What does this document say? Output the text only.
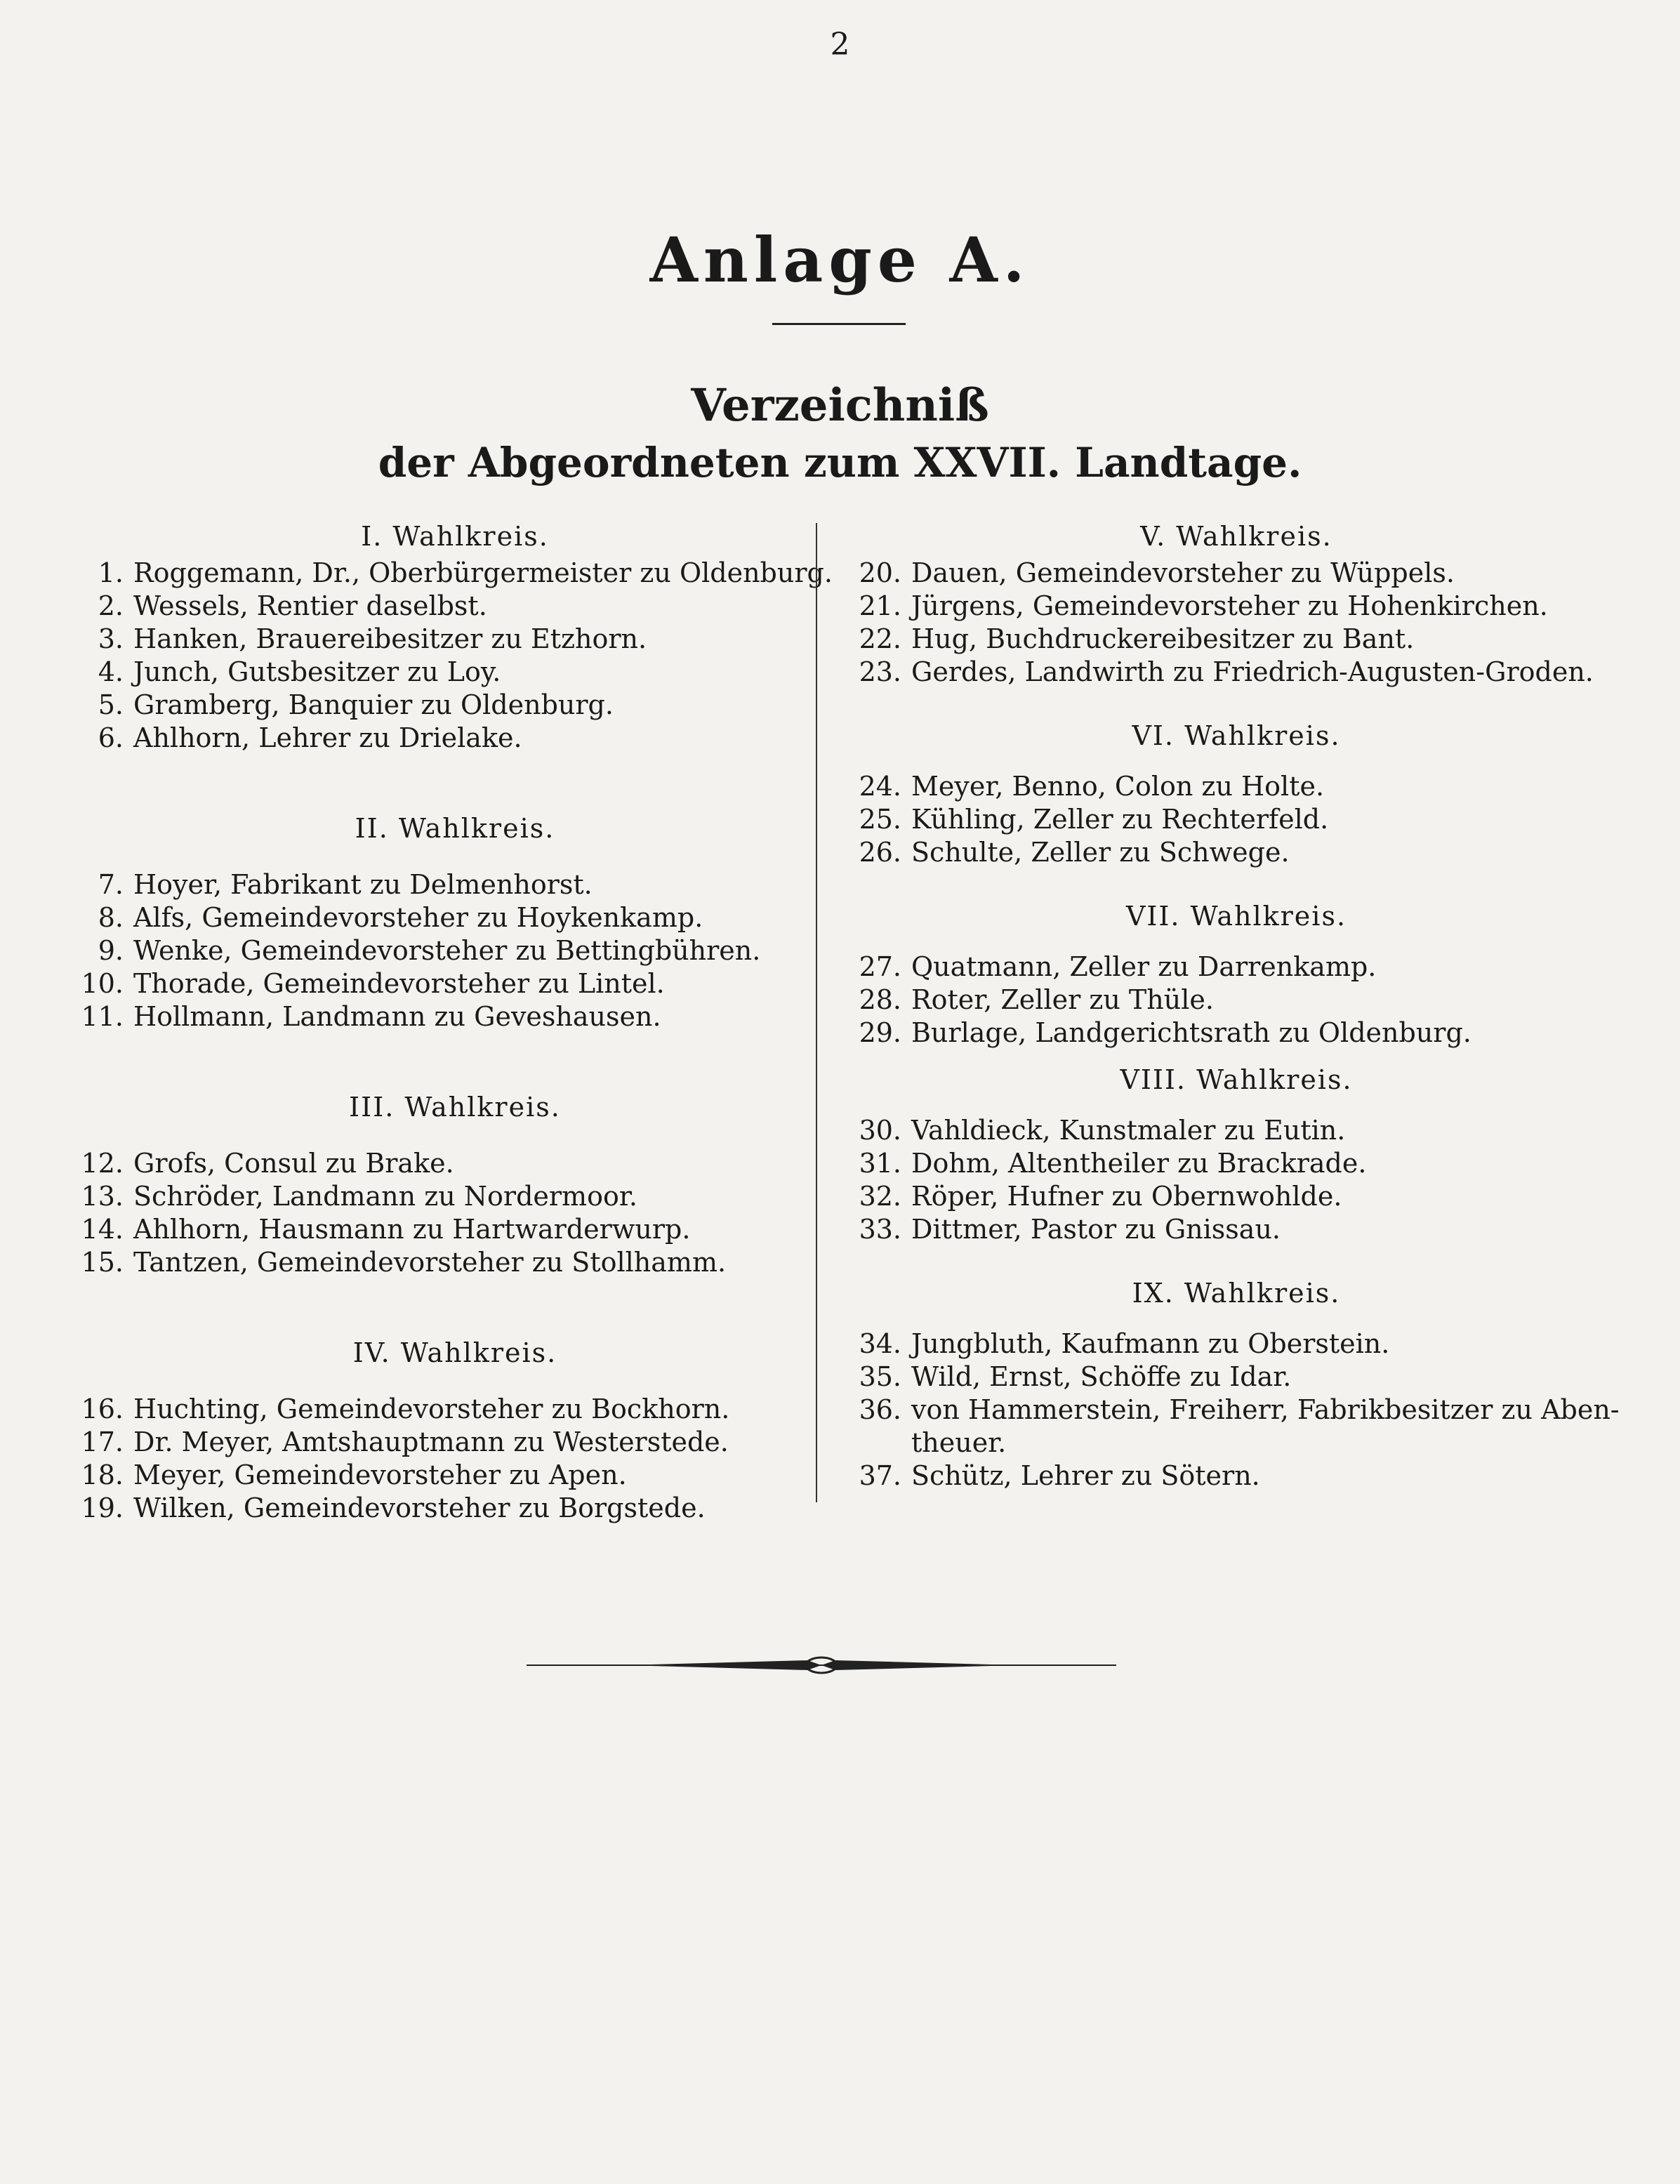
2
Anlage A.
Verzeichniß
der Abgeordneten zum XXVII. Landtage.
I. Wahlkreis.
1. Roggemann, Dr., Oberbürgermeister zu Oldenburg.
2. Wessels, Rentier daselbst.
3. Hanken, Brauereibesitzer zu Etzhorn.
4. Junch, Gutsbesitzer zu Loy.
5. Gramberg, Banquier zu Oldenburg.
6. Ahlhorn, Lehrer zu Drielake.
II. Wahlkreis.
7. Hoyer, Fabrikant zu Delmenhorst.
8. Alfs, Gemeindevorsteher zu Hoykenkamp.
9. Wenke, Gemeindevorsteher zu Bettingbühren.
10. Thorade, Gemeindevorsteher zu Lintel.
11. Hollmann, Landmann zu Geveshausen.
III. Wahlkreis.
12. Grofs, Consul zu Brake.
13. Schröder, Landmann zu Nordermoor.
14. Ahlhorn, Hausmann zu Hartwarderwurp.
15. Tantzen, Gemeindevorsteher zu Stollhamm.
IV. Wahlkreis.
16. Huchting, Gemeindevorsteher zu Bockhorn.
17. Dr. Meyer, Amtshauptmann zu Westerstede.
18. Meyer, Gemeindevorsteher zu Apen.
19. Wilken, Gemeindevorsteher zu Borgstede.
V. Wahlkreis.
20. Dauen, Gemeindevorsteher zu Wüppels.
21. Jürgens, Gemeindevorsteher zu Hohenkirchen.
22. Hug, Buchdruckereibesitzer zu Bant.
23. Gerdes, Landwirth zu Friedrich-Augusten-Groden.
VI. Wahlkreis.
24. Meyer, Benno, Colon zu Holte.
25. Kühling, Zeller zu Rechterfeld.
26. Schulte, Zeller zu Schwege.
VII. Wahlkreis.
27. Quatmann, Zeller zu Darrenkamp.
28. Roter, Zeller zu Thüle.
29. Burlage, Landgerichtsrath zu Oldenburg.
VIII. Wahlkreis.
30. Vahldieck, Kunstmaler zu Eutin.
31. Dohm, Altentheiler zu Brackrade.
32. Röper, Hufner zu Obernwohlde.
33. Dittmer, Pastor zu Gnissau.
IX. Wahlkreis.
34. Jungbluth, Kaufmann zu Oberstein.
35. Wild, Ernst, Schöffe zu Idar.
36. von Hammerstein, Freiherr, Fabrikbesitzer zu Aben-
theuer.
37. Schütz, Lehrer zu Sötern.
